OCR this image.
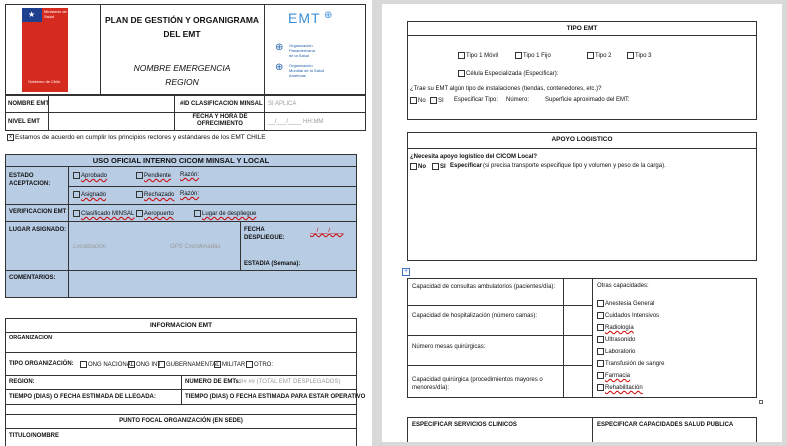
★ Ministerio de
Salud
Gobierno de Chile
PLAN DE GESTIÓN Y ORGANIGRAMA
DEL EMT
NOMBRE EMERGENCIA
REGION
EMT ⊕
⊕ Organización
Panamericana
de la Salud
⊕ Organización
Mundial de la Salud
Américas
NOMBRE EMT	#ID CLASIFICACION MINSAL SI APLICA
NIVEL EMT
FECHA Y HORA DE OFRECIMIENTO	__/___/____ HH:MM
x Estamos de acuerdo en cumplir los principios rectores y estándares de los EMT CHILE
USO OFICIAL INTERNO CICOM MINSAL Y LOCAL
ESTADO ACEPTACION:
Aprobado	Pendiente Razón:
Asignado	Rechazado Razón:
VERIFICACION EMT	Clasificado MINSAL	Aeropuerto	Lugar de despliegue
LUGAR ASIGNADO:
Localización	GPS Coordenadas
FECHA DESPLIEGUE:
__/___/____
ESTADIA (Semana):
COMENTARIOS:
INFORMACION EMT
ORGANIZACION
TIPO ORGANIZACIÓN:	ONG NACIONAL ONG INT GUBERNAMENTAL MILITAR	OTRO:
REGION:	NUMERO DE EMTs: ## ## (TOTAL EMT DESPLEGADOS)
TIEMPO (DIAS) O FECHA ESTIMADA DE LLEGADA:	TIEMPO (DIAS) O FECHA ESTIMADA PARA ESTAR OPERATIVO
PUNTO FOCAL ORGANIZACIÓN (EN SEDE)
TITULO/NOMBRE
TIPO EMT
Tipo 1 Móvil	Tipo 1 Fijo	Tipo 2	Tipo 3
Célula Especializada (Especificar):
¿Trae su EMT algún tipo de instalaciones (tiendas, contenedores, etc.)?
No	SI Especificar Tipo: Número:	Superficie aproximado del EMT:
APOYO LOGISTICO
¿Necesita apoyo logístico del CICOM Local?
No	SI Especificar (si precisa transporte especifique tipo y volumen y peso de la carga).
+
Capacidad de consultas ambulatorios (pacientes/día):
Capacidad de hospitalización (número camas):
Número mesas quirúrgicas:
Capacidad quirúrgica (procedimientos mayores o menores/día):
Otras capacidades:
Anestesia General
Cuidados Intensivos
Radiología
Ultrasonido
Laboratorio
Transfusión de sangre
Farmacia
Rehabilitación
ESPECIFICAR SERVICIOS CLINICOS	ESPECIFICAR CAPACIDADES SALUD PUBLICA
